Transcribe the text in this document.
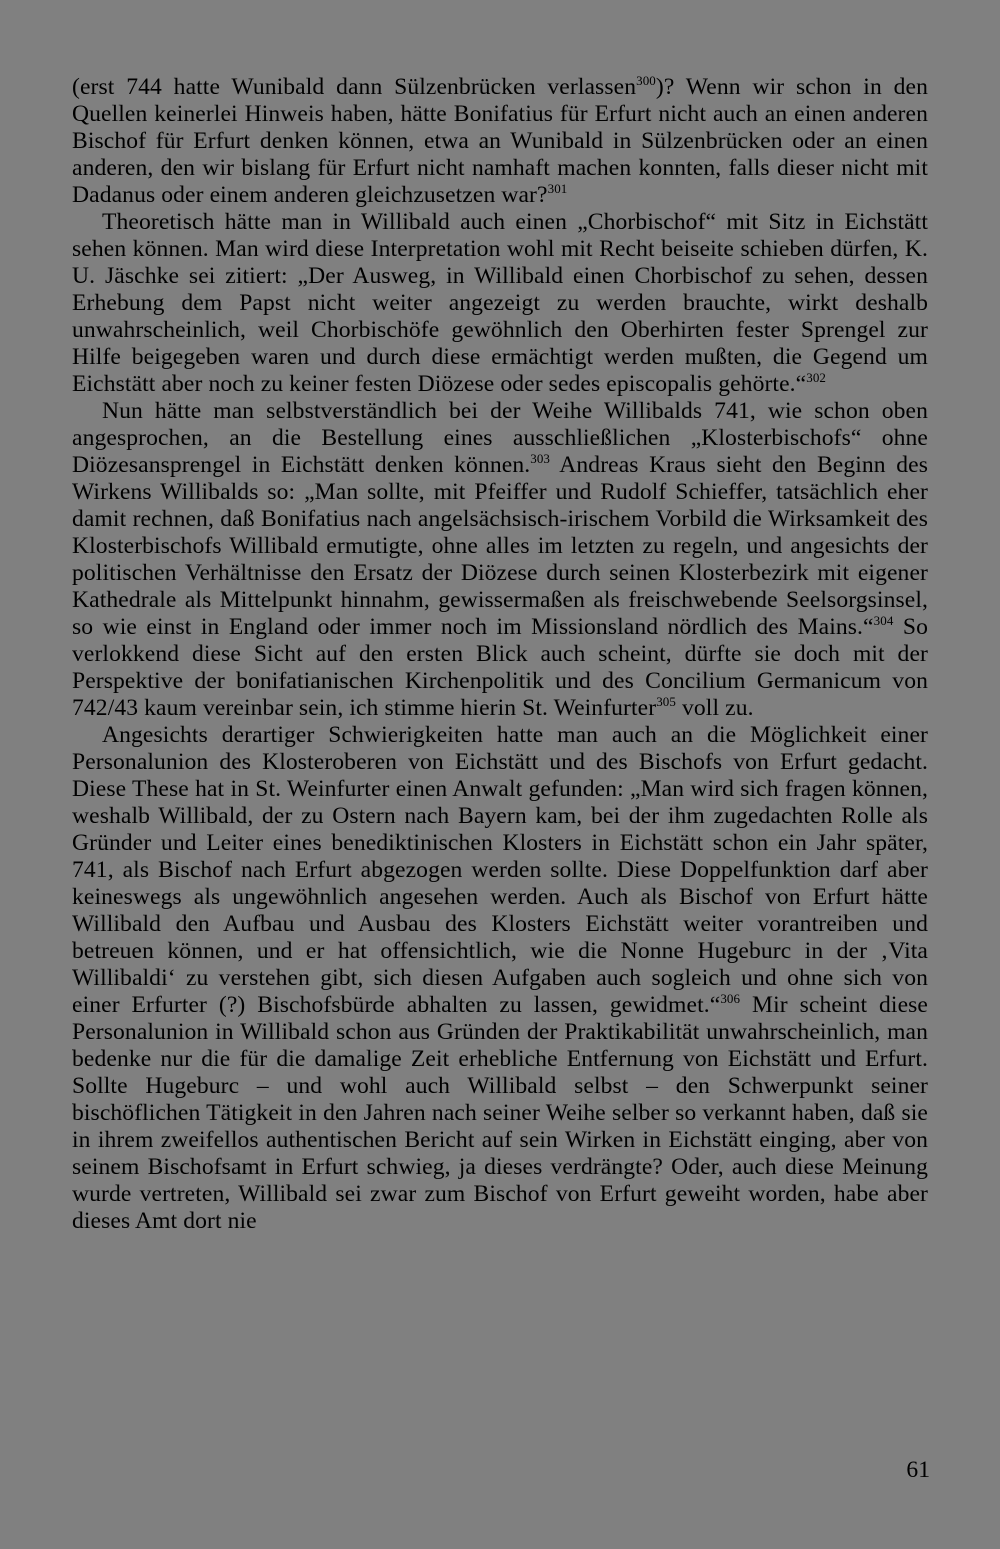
(erst 744 hatte Wunibald dann Sülzenbrücken verlassen$^{300}$)? Wenn wir schon in den Quellen keinerlei Hinweis haben, hätte Bonifatius für Erfurt nicht auch an einen anderen Bischof für Erfurt denken können, etwa an Wunibald in Sülzenbrücken oder an einen anderen, den wir bislang für Erfurt nicht namhaft machen konnten, falls dieser nicht mit Dadanus oder einem anderen gleichzusetzen war?$^{301}$

Theoretisch hätte man in Willibald auch einen „Chorbischof“ mit Sitz in Eichstätt sehen können. Man wird diese Interpretation wohl mit Recht beiseite schieben dürfen, K. U. Jäschke sei zitiert: „Der Ausweg, in Willibald einen Chorbischof zu sehen, dessen Erhebung dem Papst nicht weiter angezeigt zu werden brauchte, wirkt deshalb unwahrscheinlich, weil Chorbischöfe gewöhnlich den Oberhirten fester Sprengel zur Hilfe beigegeben waren und durch diese ermächtigt werden mußten, die Gegend um Eichstätt aber noch zu keiner festen Diözese oder sedes episcopalis gehörte.“$^{302}$

Nun hätte man selbstverständlich bei der Weihe Willibalds 741, wie schon oben angesprochen, an die Bestellung eines ausschließlichen „Klosterbischofs“ ohne Diözesansprengel in Eichstätt denken können.$^{303}$ Andreas Kraus sieht den Beginn des Wirkens Willibalds so: „Man sollte, mit Pfeiffer und Rudolf Schieffer, tatsächlich eher damit rechnen, daß Bonifatius nach angelsächsisch-irischem Vorbild die Wirksamkeit des Klosterbischofs Willibald ermutigte, ohne alles im letzten zu regeln, und angesichts der politischen Verhältnisse den Ersatz der Diözese durch seinen Klosterbezirk mit eigener Kathedrale als Mittelpunkt hinnahm, gewissermaßen als freischwebende Seelsorgsinsel, so wie einst in England oder immer noch im Missionsland nördlich des Mains.“$^{304}$ So verlokkend diese Sicht auf den ersten Blick auch scheint, dürfte sie doch mit der Perspektive der bonifatianischen Kirchenpolitik und des Concilium Germanicum von 742/43 kaum vereinbar sein, ich stimme hierin St. Weinfurter$^{305}$ voll zu.

Angesichts derartiger Schwierigkeiten hatte man auch an die Möglichkeit einer Personalunion des Klosteroberen von Eichstätt und des Bischofs von Erfurt gedacht. Diese These hat in St. Weinfurter einen Anwalt gefunden: „Man wird sich fragen können, weshalb Willibald, der zu Ostern nach Bayern kam, bei der ihm zugedachten Rolle als Gründer und Leiter eines benediktinischen Klosters in Eichstätt schon ein Jahr später, 741, als Bischof nach Erfurt abgezogen werden sollte. Diese Doppelfunktion darf aber keineswegs als ungewöhnlich angesehen werden. Auch als Bischof von Erfurt hätte Willibald den Aufbau und Ausbau des Klosters Eichstätt weiter vorantreiben und betreuen können, und er hat offensichtlich, wie die Nonne Hugeburc in der ‚Vita Willibaldi‘ zu verstehen gibt, sich diesen Aufgaben auch sogleich und ohne sich von einer Erfurter (?) Bischofsbürde abhalten zu lassen, gewidmet.“$^{306}$ Mir scheint diese Personalunion in Willibald schon aus Gründen der Praktikabilität unwahrscheinlich, man bedenke nur die für die damalige Zeit erhebliche Entfernung von Eichstätt und Erfurt. Sollte Hugeburc – und wohl auch Willibald selbst – den Schwerpunkt seiner bischöflichen Tätigkeit in den Jahren nach seiner Weihe selber so verkannt haben, daß sie in ihrem zweifellos authentischen Bericht auf sein Wirken in Eichstätt einging, aber von seinem Bischofsamt in Erfurt schwieg, ja dieses verdrängte? Oder, auch diese Meinung wurde vertreten, Willibald sei zwar zum Bischof von Erfurt geweiht worden, habe aber dieses Amt dort nie

61
